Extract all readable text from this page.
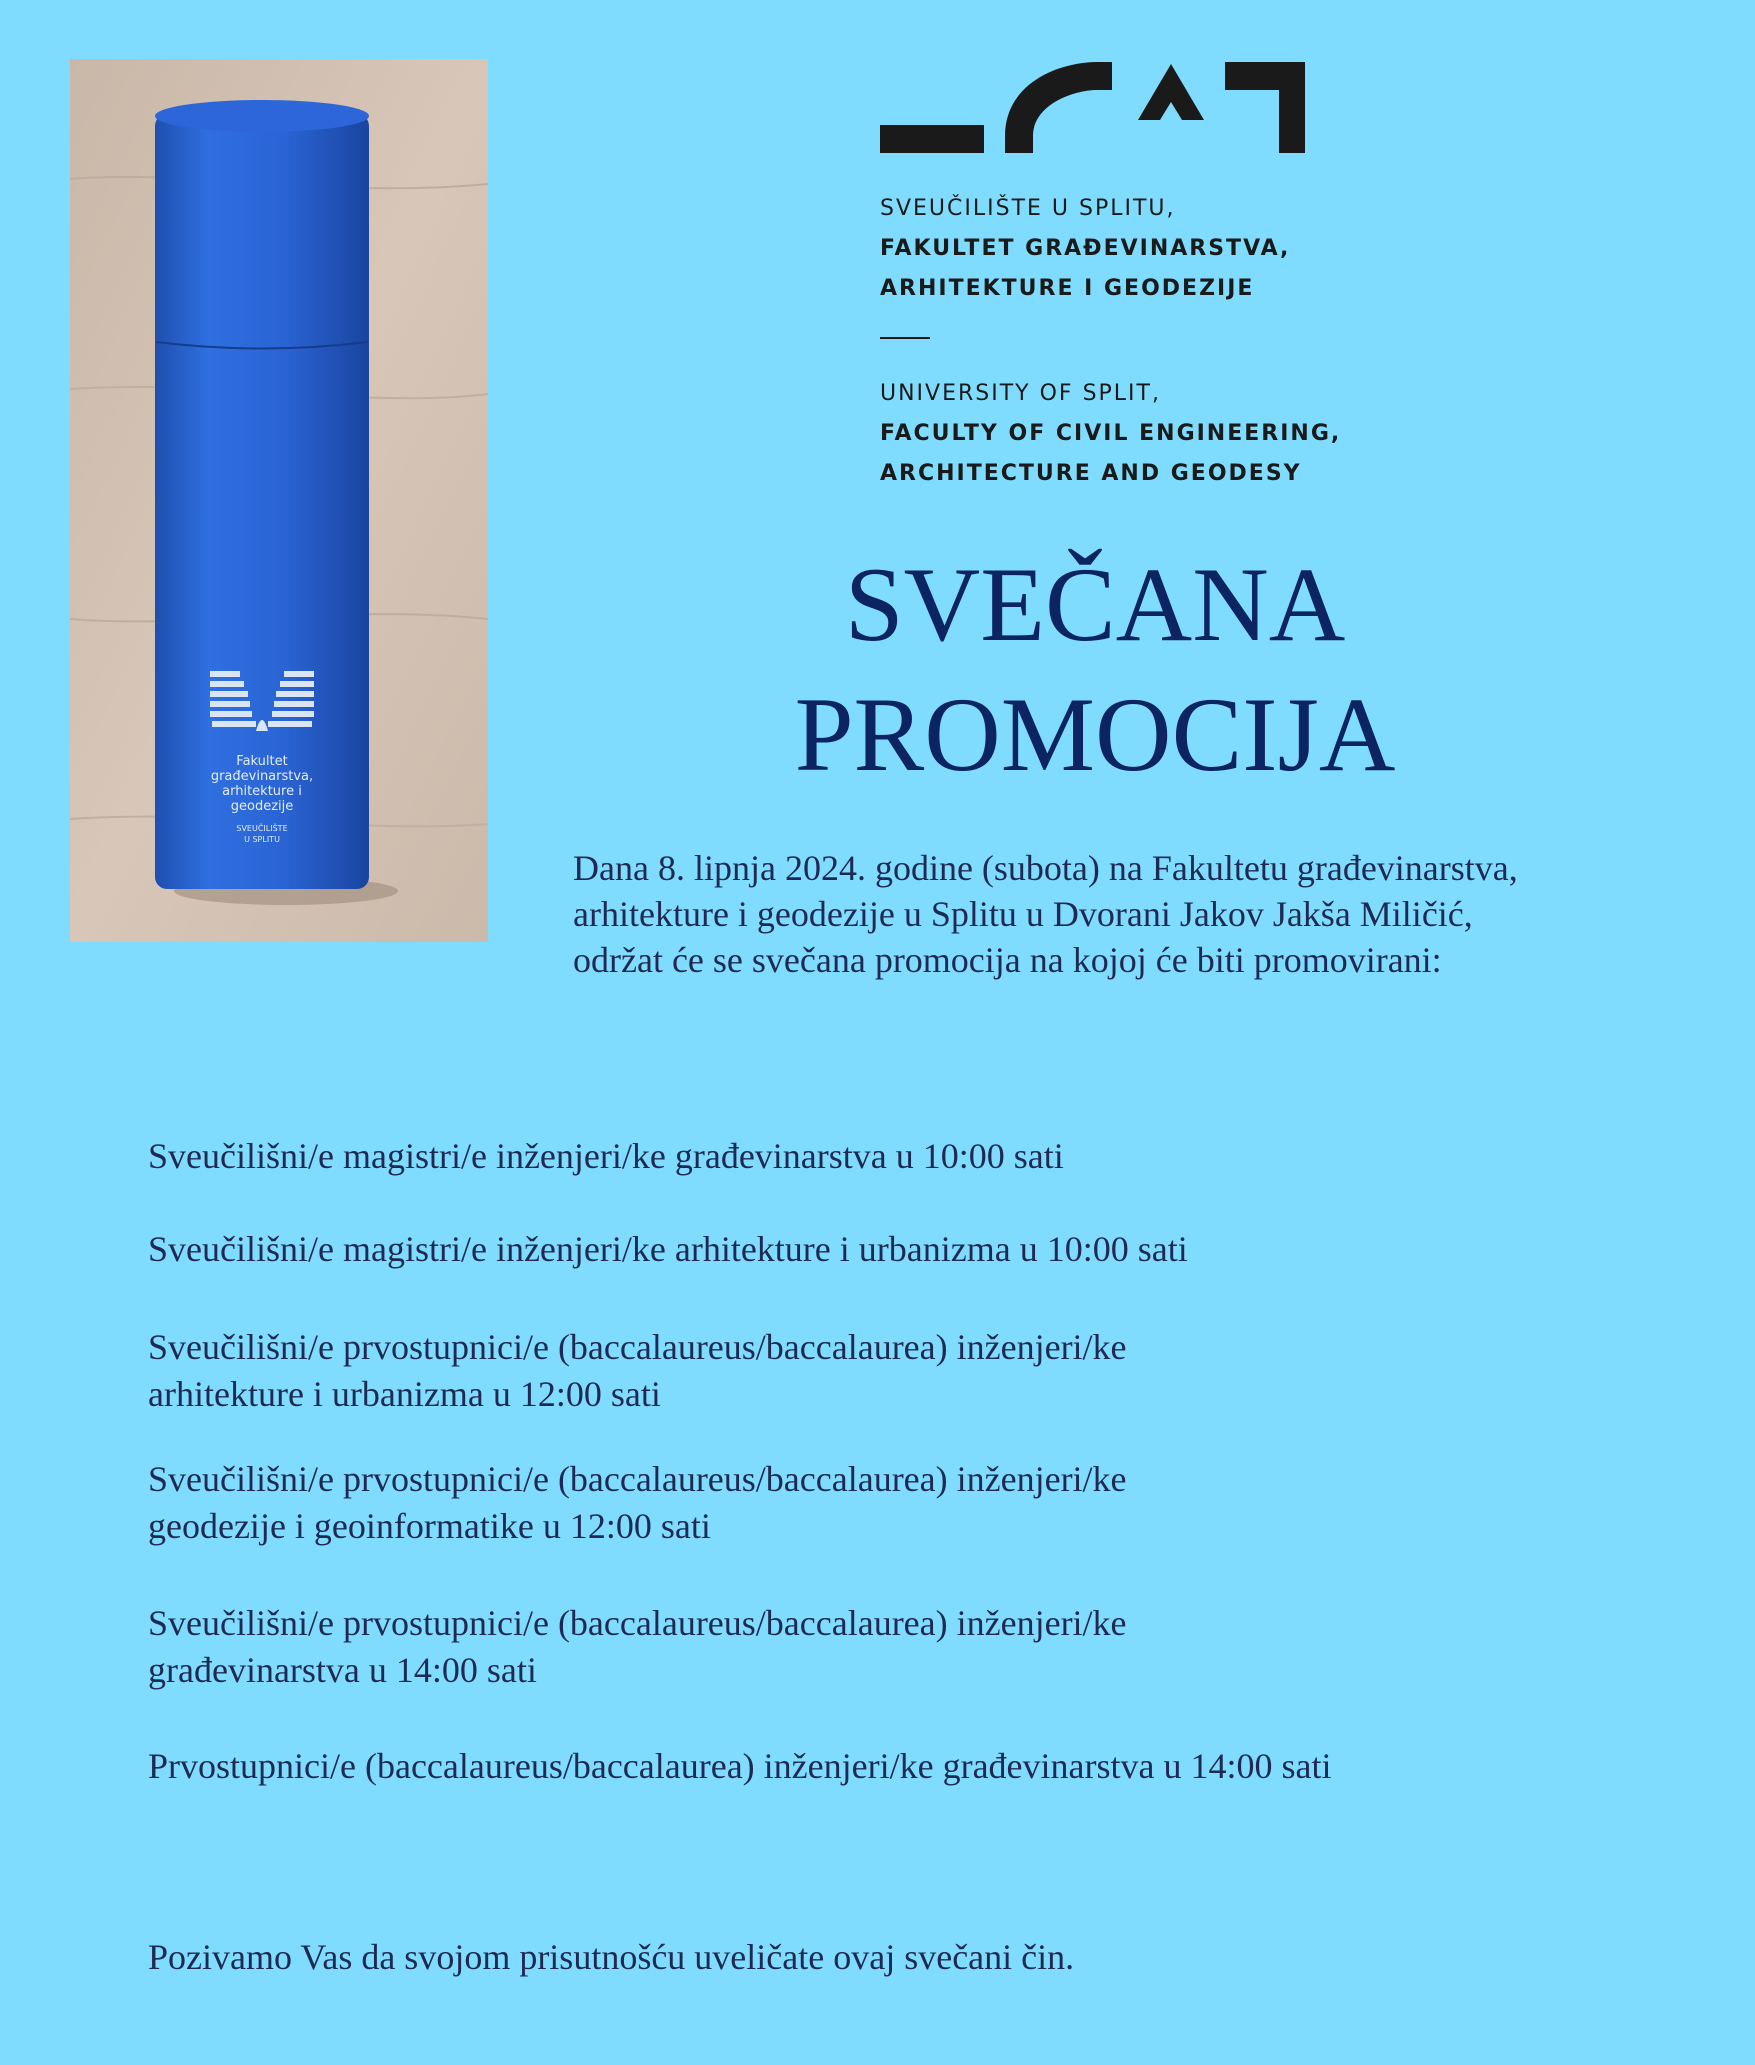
Fakultet
građevinarstva,
arhitekture i
geodezije
SVEUČILIŠTE
U SPLITU
SVEUČILIŠTE U SPLITU,
FAKULTET GRAĐEVINARSTVA,
ARHITEKTURE I GEODEZIJE
UNIVERSITY OF SPLIT,
FACULTY OF CIVIL ENGINEERING,
ARCHITECTURE AND GEODESY
SVEČANA
PROMOCIJA
Dana 8. lipnja 2024. godine (subota) na Fakultetu građevinarstva,
arhitekture i geodezije u Splitu u Dvorani Jakov Jakša Miličić,
održat će se svečana promocija na kojoj će biti promovirani:
Sveučilišni/e magistri/e inženjeri/ke građevinarstva u 10:00 sati
Sveučilišni/e magistri/e inženjeri/ke arhitekture i urbanizma u 10:00 sati
Sveučilišni/e prvostupnici/e (baccalaureus/baccalaurea) inženjeri/ke
arhitekture i urbanizma u 12:00 sati
Sveučilišni/e prvostupnici/e (baccalaureus/baccalaurea) inženjeri/ke
geodezije i geoinformatike u 12:00 sati
Sveučilišni/e prvostupnici/e (baccalaureus/baccalaurea) inženjeri/ke
građevinarstva u 14:00 sati
Prvostupnici/e (baccalaureus/baccalaurea) inženjeri/ke građevinarstva u 14:00 sati
Pozivamo Vas da svojom prisutnošću uveličate ovaj svečani čin.
